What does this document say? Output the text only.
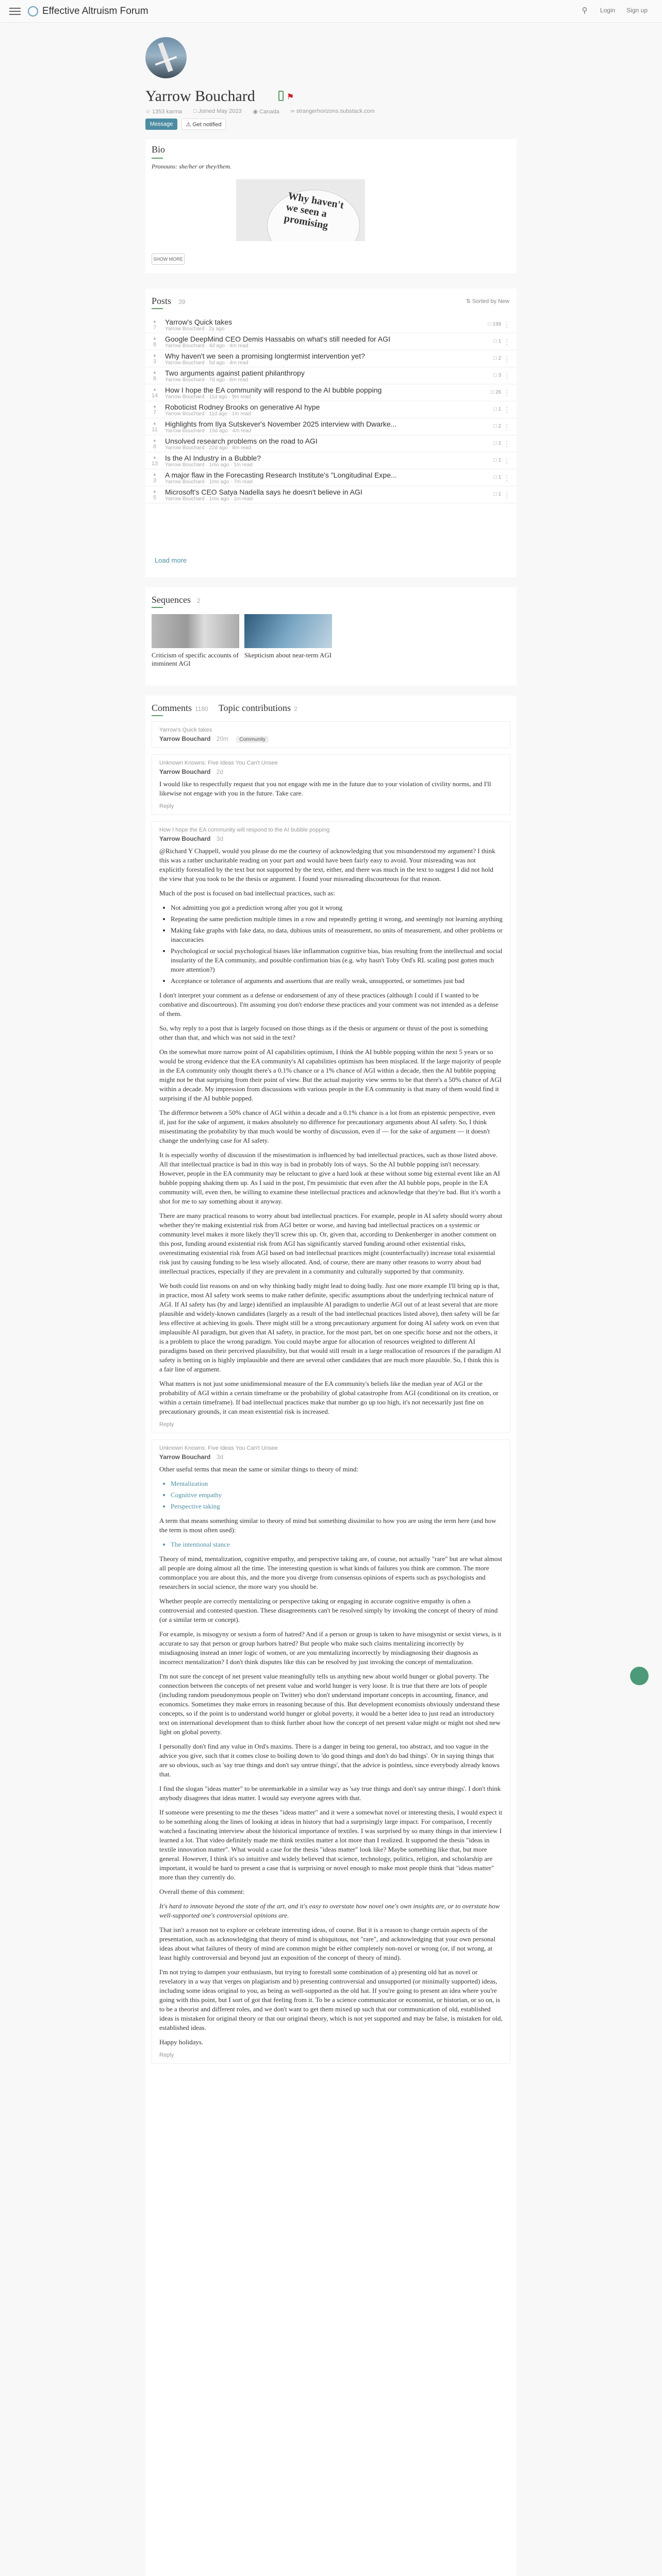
Effective Altruism Forum	⚲	Login	Sign up
Yarrow Bouchard	⚑
☆ 1353 karma □ Joined May 2023 ◉ Canada ∞ strangerhorizons.substack.com
Message	⚠ Get notified
Bio
Pronouns: she/her or they/them.
Why haven't we seen a promising
SHOW MORE
Posts 39	⇅ Sorted by New
▲
7
Yarrow's Quick takes
Yarrow Bouchard · 2y ago
□ 199 ⋮
▲
8
Google DeepMind CEO Demis Hassabis on what's still needed for AGI
Yarrow Bouchard · 4d ago · 4m read
□ 1 ⋮
▲
3
Why haven't we seen a promising longtermist intervention yet?
Yarrow Bouchard · 5d ago · 4m read
□ 2 ⋮
▲
8
Two arguments against patient philanthropy
Yarrow Bouchard · 7d ago · 6m read
□ 3 ⋮
▲
14
How I hope the EA community will respond to the AI bubble popping
Yarrow Bouchard · 11d ago · 9m read
□ 26 ⋮
▲
7
Roboticist Rodney Brooks on generative AI hype
Yarrow Bouchard · 11d ago · 1m read
□ 1 ⋮
▲
11
Highlights from Ilya Sutskever's November 2025 interview with Dwarke...
Yarrow Bouchard · 15d ago · 4m read
□ 2 ⋮
▲
8
Unsolved research problems on the road to AGI
Yarrow Bouchard · 22d ago · 8m read
□ 1 ⋮
▲
13
Is the AI Industry in a Bubble?
Yarrow Bouchard · 1mo ago · 1m read
□ 1 ⋮
▲
3
A major flaw in the Forecasting Research Institute's "Longitudinal Expe...
Yarrow Bouchard · 1mo ago · 7m read
□ 1 ⋮
▲
5
Microsoft's CEO Satya Nadella says he doesn't believe in AGI
Yarrow Bouchard · 1mo ago · 1m read
□ 1 ⋮
Load more
Sequences 2
Criticism of specific accounts of imminent AGI
Skepticism about near-term AGI
Comments 1180 Topic contributions 2
Yarrow's Quick takes
Yarrow Bouchard 20m Community
Unknown Knowns: Five Ideas You Can't Unsee
Yarrow Bouchard 2d

I would like to respectfully request that you not engage with me in the future due to your violation of civility norms, and I'll likewise not engage with you in the future. Take care.

Reply
How I hope the EA community will respond to the AI bubble popping
Yarrow Bouchard 3d

@Richard Y Chappell, would you please do me the courtesy of acknowledging that you misunderstood my argument? I think this was a rather uncharitable reading on your part and would have been fairly easy to avoid. Your misreading was not explicitly forestalled by the text but not supported by the text, either, and there was much in the text to suggest I did not hold the view that you took to be the thesis or argument. I found your misreading discourteous for that reason.

Much of the post is focused on bad intellectual practices, such as:

• Not admitting you got a prediction wrong after you got it wrong
• Repeating the same prediction multiple times in a row and repeatedly getting it wrong, and seemingly not learning anything
• Making fake graphs with fake data, no data, dubious units of measurement, no units of measurement, and other problems or inaccuracies
• Psychological or social psychological biases like inflammation cognitive bias, bias resulting from the intellectual and social insularity of the EA community, and possible confirmation bias (e.g. why hasn't Toby Ord's RL scaling post gotten much more attention?)
• Acceptance or tolerance of arguments and assertions that are really weak, unsupported, or sometimes just bad

I don't interpret your comment as a defense or endorsement of any of these practices (although I could if I wanted to be combative and discourteous). I'm assuming you don't endorse these practices and your comment was not intended as a defense of them.

So, why reply to a post that is largely focused on those things as if the thesis or argument or thrust of the post is something other than that, and which was not said in the text?

On the somewhat more narrow point of AI capabilities optimism, I think the AI bubble popping within the next 5 years or so would be strong evidence that the EA community's AI capabilities optimism has been misplaced. If the large majority of people in the EA community only thought there's a 0.1% chance or a 1% chance of AGI within a decade, then the AI bubble popping might not be that surprising from their point of view. But the actual majority view seems to be that there's a 50% chance of AGI within a decade. My impression from discussions with various people in the EA community is that many of them would find it surprising if the AI bubble popped.

The difference between a 50% chance of AGI within a decade and a 0.1% chance is a lot from an epistemic perspective, even if, just for the sake of argument, it makes absolutely no difference for precautionary arguments about AI safety. So, I think misestimating the probability by that much would be worthy of discussion, even if — for the sake of argument — it doesn't change the underlying case for AI safety.

It is especially worthy of discussion if the misestimation is influenced by bad intellectual practices, such as those listed above. All that intellectual practice is bad in this way is bad in probably lots of ways. So the AI bubble popping isn't necessary. However, people in the EA community may be reluctant to give a hard look at these without some big external event like an AI bubble popping shaking them up. As I said in the post, I'm pessimistic that even after the AI bubble pops, people in the EA community will, even then, be willing to examine these intellectual practices and acknowledge that they're bad. But it's worth a shot for me to say something about it anyway.

There are many practical reasons to worry about bad intellectual practices. For example, people in AI safety should worry about whether they're making existential risk from AGI better or worse, and having bad intellectual practices on a systemic or community level makes it more likely they'll screw this up. Or, given that, according to Denkenberger in another comment on this post, funding around existential risk from AGI has significantly starved funding around other existential risks, overestimating existential risk from AGI based on bad intellectual practices might (counterfactually) increase total existential risk just by causing funding to be less wisely allocated. And, of course, there are many other reasons to worry about bad intellectual practices, especially if they are prevalent in a community and culturally supported by that community.

We both could list reasons on and on why thinking badly might lead to doing badly. Just one more example I'll bring up is that, in practice, most AI safety work seems to make rather definite, specific assumptions about the underlying technical nature of AGI. If AI safety has (by and large) identified an implausible AI paradigm to underlie AGI out of at least several that are more plausible and widely-known candidates (largely as a result of the bad intellectual practices listed above), then safety will be far less effective at achieving its goals. There might still be a strong precautionary argument for doing AI safety work on even that implausible AI paradigm, but given that AI safety, in practice, for the most part, bet on one specific horse and not the others, it is a problem to place the wrong paradigm. You could maybe argue for allocation of resources weighted to different AI paradigms based on their perceived plausibility, but that would still result in a large reallocation of resources if the paradigm AI safety is betting on is highly implausible and there are several other candidates that are much more plausible. So, I think this is a fair line of argument.

What matters is not just some unidimensional measure of the EA community's beliefs like the median year of AGI or the probability of AGI within a certain timeframe or the probability of global catastrophe from AGI (conditional on its creation, or within a certain timeframe). If bad intellectual practices make that number go up too high, it's not necessarily just fine on precautionary grounds, it can mean existential risk is increased.

Reply
Unknown Knowns: Five Ideas You Can't Unsee
Yarrow Bouchard 3d

Other useful terms that mean the same or similar things to theory of mind:

• Mentalization
• Cognitive empathy
• Perspective taking

A term that means something similar to theory of mind but something dissimilar to how you are using the term here (and how the term is most often used):

• The intentional stance

Theory of mind, mentalization, cognitive empathy, and perspective taking are, of course, not actually "rare" but are what almost all people are doing almost all the time. The interesting question is what kinds of failures you think are common. The more commonplace you are about this, and the more you diverge from consensus opinions of experts such as psychologists and researchers in social science, the more wary you should be.

Whether people are correctly mentalizing or perspective taking or engaging in accurate cognitive empathy is often a controversial and contested question. These disagreements can't be resolved simply by invoking the concept of theory of mind (or a similar term or concept).

For example, is misogyny or sexism a form of hatred? And if a person or group is taken to have misogynist or sexist views, is it accurate to say that person or group harbors hatred? But people who make such claims mentalizing incorrectly by misdiagnosing instead an inner logic of women, or are you mentalizing incorrectly by misdiagnosing their diagnosis as incorrect mentalization? I don't think disputes like this can be resolved by just invoking the concept of mentalization.

I'm not sure the concept of net present value meaningfully tells us anything new about world hunger or global poverty. The connection between the concepts of net present value and world hunger is very loose. It is true that there are lots of people (including random pseudonymous people on Twitter) who don't understand important concepts in accounting, finance, and economics. Sometimes they make errors in reasoning because of this. But development economists obviously understand these concepts, so if the point is to understand world hunger or global poverty, it would be a better idea to just read an introductory text on international development than to think further about how the concept of net present value might or might not shed new light on global poverty.

I personally don't find any value in Ord's maxims. There is a danger in being too general, too abstract, and too vague in the advice you give, such that it comes close to boiling down to 'do good things and don't do bad things'. Or in saying things that are so obvious, such as 'say true things and don't say untrue things', that the advice is pointless, since everybody already knows that.

I find the slogan "ideas matter" to be unremarkable in a similar way as 'say true things and don't say untrue things'. I don't think anybody disagrees that ideas matter. I would say everyone agrees with that.

If someone were presenting to me the theses "ideas matter" and it were a somewhat novel or interesting thesis, I would expect it to be something along the lines of looking at ideas in history that had a surprisingly large impact. For comparison, I recently watched a fascinating interview about the historical importance of textiles. I was surprised by so many things in that interview I learned a lot. That video definitely made me think textiles matter a lot more than I realized. It supported the thesis "ideas in textile innovation matter". What would a case for the thesis "ideas matter" look like? Maybe something like that, but more general. However, I think it's so intuitive and widely believed that science, technology, politics, religion, and scholarship are important, it would be hard to present a case that is surprising or novel enough to make most people think that "ideas matter" more than they currently do.

Overall theme of this comment:

It's hard to innovate beyond the state of the art, and it's easy to overstate how novel one's own insights are, or to overstate how well-supported one's controversial opinions are.

That isn't a reason not to explore or celebrate interesting ideas, of course. But it is a reason to change certain aspects of the presentation, such as acknowledging that theory of mind is ubiquitous, not "rare", and acknowledging that your own personal ideas about what failures of theory of mind are common might be either completely non-novel or wrong (or, if not wrong, at least highly controversial and beyond just an exposition of the concept of theory of mind).

I'm not trying to dampen your enthusiasm, but trying to forestall some combination of a) presenting old hat as novel or revelatory in a way that verges on plagiarism and b) presenting controversial and unsupported (or minimally supported) ideas, including some ideas original to you, as being as well-supported as the old hat. If you're going to present an idea where you're going with this point, but I sort of got that feeling from it. To be a science communicator or economist, or historian, or so on, is to be a theorist and different roles, and we don't want to get them mixed up such that our communication of old, established ideas is mistaken for original theory or that our original theory, which is not yet supported and may be false, is mistaken for old, established ideas.

Happy holidays.

Reply
